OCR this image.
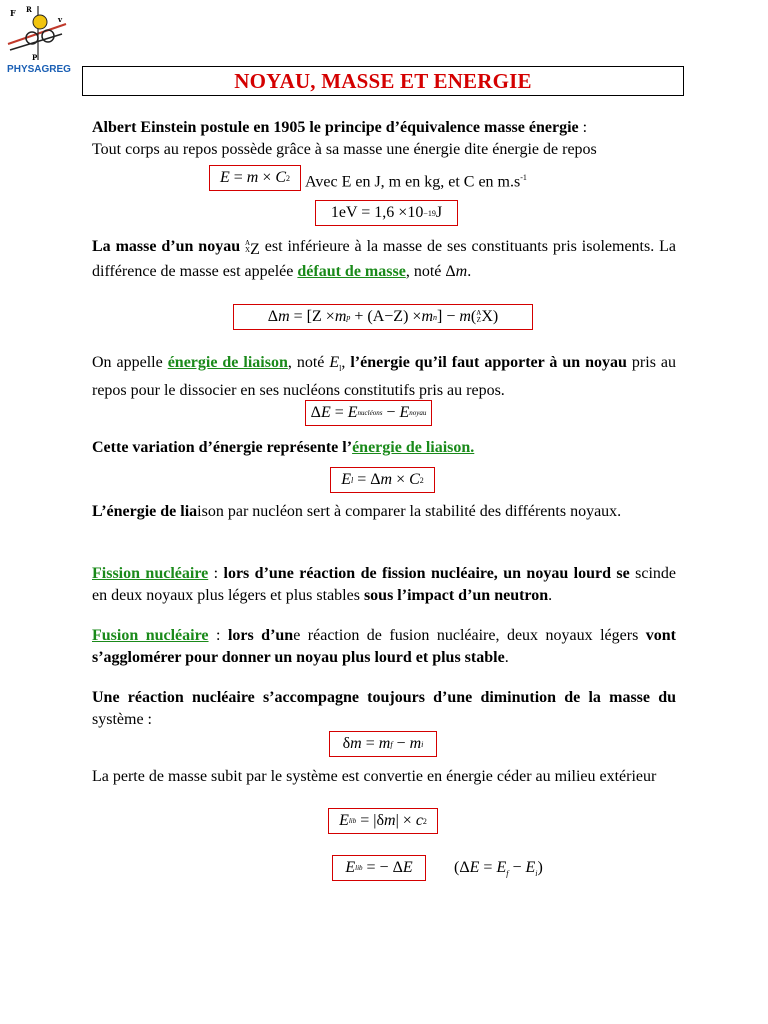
F R
v
P
PHYSAGREG	NOYAU, MASSE ET ENERGIE
Albert Einstein postule en 1905 le principe d’équivalence masse énergie :
Tout corps au repos possède grâce à sa masse une énergie dite énergie de repos
E = m × C 2 Avec E en J, m en kg, et C en $m.s^{-1}$
1eV = 1,6 ×10 −19 J
La masse d’un noyau A
XZ est inférieure à la masse de ses constituants pris isolements. La différence de masse est appelée défaut de masse, noté Δm.
Δ m = [Z × m p + (A−Z) × m n ] − m ( A
Z X)
On appelle énergie de liaison, noté $E_l$, l’énergie qu’il faut apporter à un noyau pris au repos pour le dissocier en ses nucléons constitutifs pris au repos.
Δ E = E nucléons − E noyau
Cette variation d’énergie représente l’énergie de liaison.
E l = Δ m × C 2
L’énergie de liaison par nucléon sert à comparer la stabilité des différents noyaux.
Fission nucléaire : lors d’une réaction de fission nucléaire, un noyau lourd se scinde en deux noyaux plus légers et plus stables sous l’impact d’un neutron.
Fusion nucléaire : lors d’une réaction de fusion nucléaire, deux noyaux légers vont s’agglomérer pour donner un noyau plus lourd et plus stable.
Une réaction nucléaire s’accompagne toujours d’une diminution de la masse du système :
δ m = m f − m i
La perte de masse subit par le système est convertie en énergie céder au milieu extérieur
E lib = |δ m | × c 2
E lib = − Δ E	$(\Delta E = E_f - E_i)$
